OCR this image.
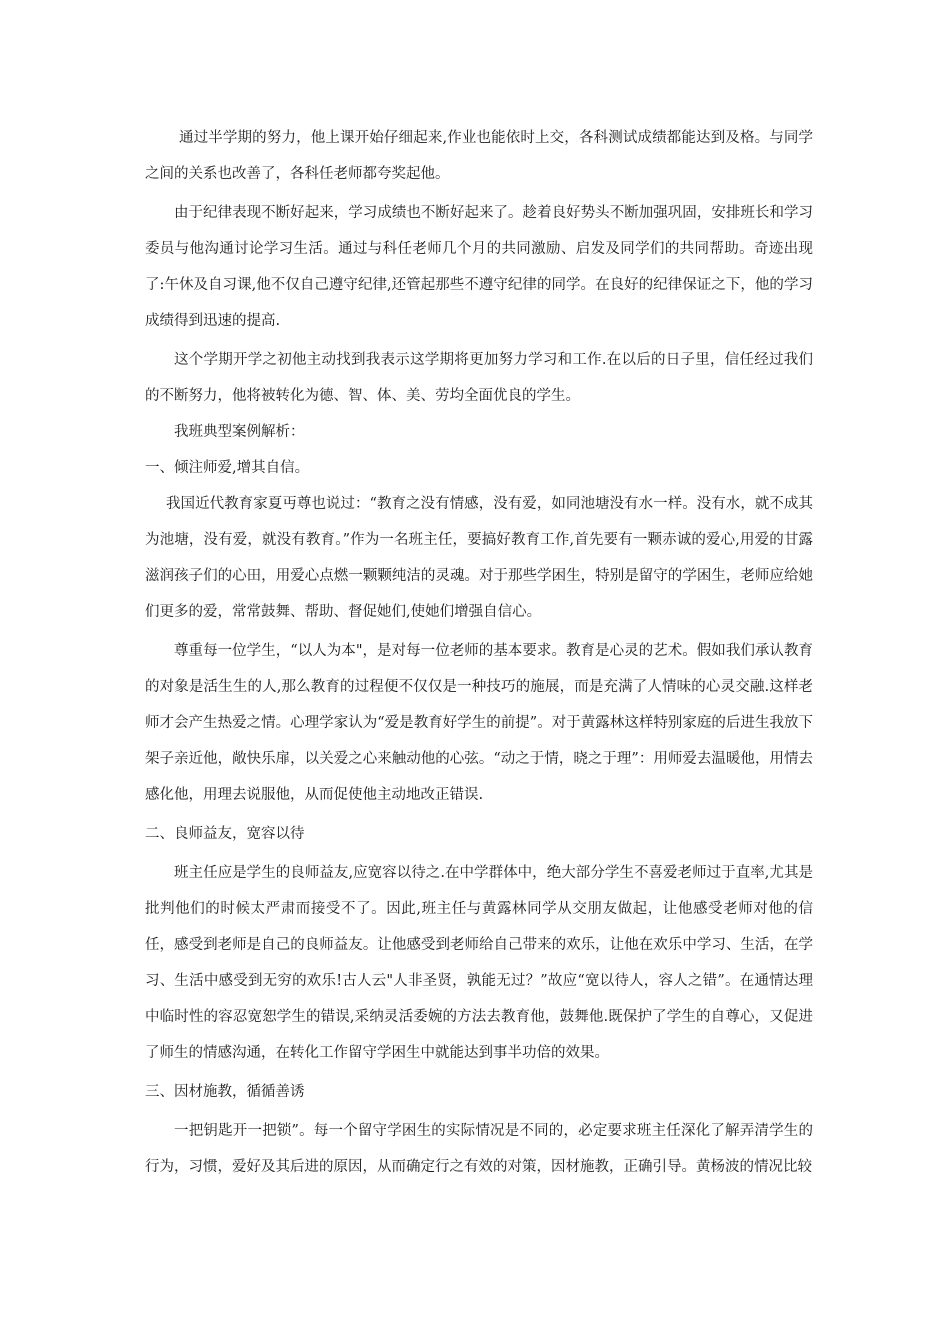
通过半学期的努力，他上课开始仔细起来,作业也能依时上交，各科测试成绩都能达到及格。与同学之间的关系也改善了，各科任老师都夸奖起他。

由于纪律表现不断好起来，学习成绩也不断好起来了。趁着良好势头不断加强巩固，安排班长和学习委员与他沟通讨论学习生活。通过与科任老师几个月的共同激励、启发及同学们的共同帮助。奇迹出现了:午休及自习课,他不仅自己遵守纪律,还管起那些不遵守纪律的同学。在良好的纪律保证之下，他的学习成绩得到迅速的提高.

这个学期开学之初他主动找到我表示这学期将更加努力学习和工作.在以后的日子里，信任经过我们的不断努力，他将被转化为德、智、体、美、劳均全面优良的学生。

我班典型案例解析：

一、倾注师爱,增其自信。

我国近代教育家夏丏尊也说过：“教育之没有情感，没有爱，如同池塘没有水一样。没有水，就不成其为池塘，没有爱，就没有教育。”作为一名班主任，要搞好教育工作,首先要有一颗赤诚的爱心,用爱的甘露滋润孩子们的心田，用爱心点燃一颗颗纯洁的灵魂。对于那些学困生，特别是留守的学困生，老师应给她们更多的爱，常常鼓舞、帮助、督促她们,使她们增强自信心。

尊重每一位学生，“以人为本"，是对每一位老师的基本要求。教育是心灵的艺术。假如我们承认教育的对象是活生生的人,那么教育的过程便不仅仅是一种技巧的施展，而是充满了人情味的心灵交融.这样老师才会产生热爱之情。心理学家认为“爱是教育好学生的前提”。对于黄露林这样特别家庭的后进生我放下架子亲近他，敞快乐扉，以关爱之心来触动他的心弦。“动之于情，晓之于理”：用师爱去温暖他，用情去感化他，用理去说服他，从而促使他主动地改正错误.

二、良师益友，宽容以待

班主任应是学生的良师益友,应宽容以待之.在中学群体中，绝大部分学生不喜爱老师过于直率,尤其是批判他们的时候太严肃而接受不了。因此,班主任与黄露林同学从交朋友做起，让他感受老师对他的信任，感受到老师是自己的良师益友。让他感受到老师给自己带来的欢乐，让他在欢乐中学习、生活，在学习、生活中感受到无穷的欢乐!古人云"人非圣贤，孰能无过？”故应“宽以待人，容人之错”。在通情达理中临时性的容忍宽恕学生的错误,采纳灵活委婉的方法去教育他，鼓舞他.既保护了学生的自尊心，又促进了师生的情感沟通，在转化工作留守学困生中就能达到事半功倍的效果。

三、因材施教，循循善诱

一把钥匙开一把锁”。每一个留守学困生的实际情况是不同的，必定要求班主任深化了解弄清学生的行为，习惯，爱好及其后进的原因，从而确定行之有效的对策，因材施教，正确引导。黄杨波的情况比较
